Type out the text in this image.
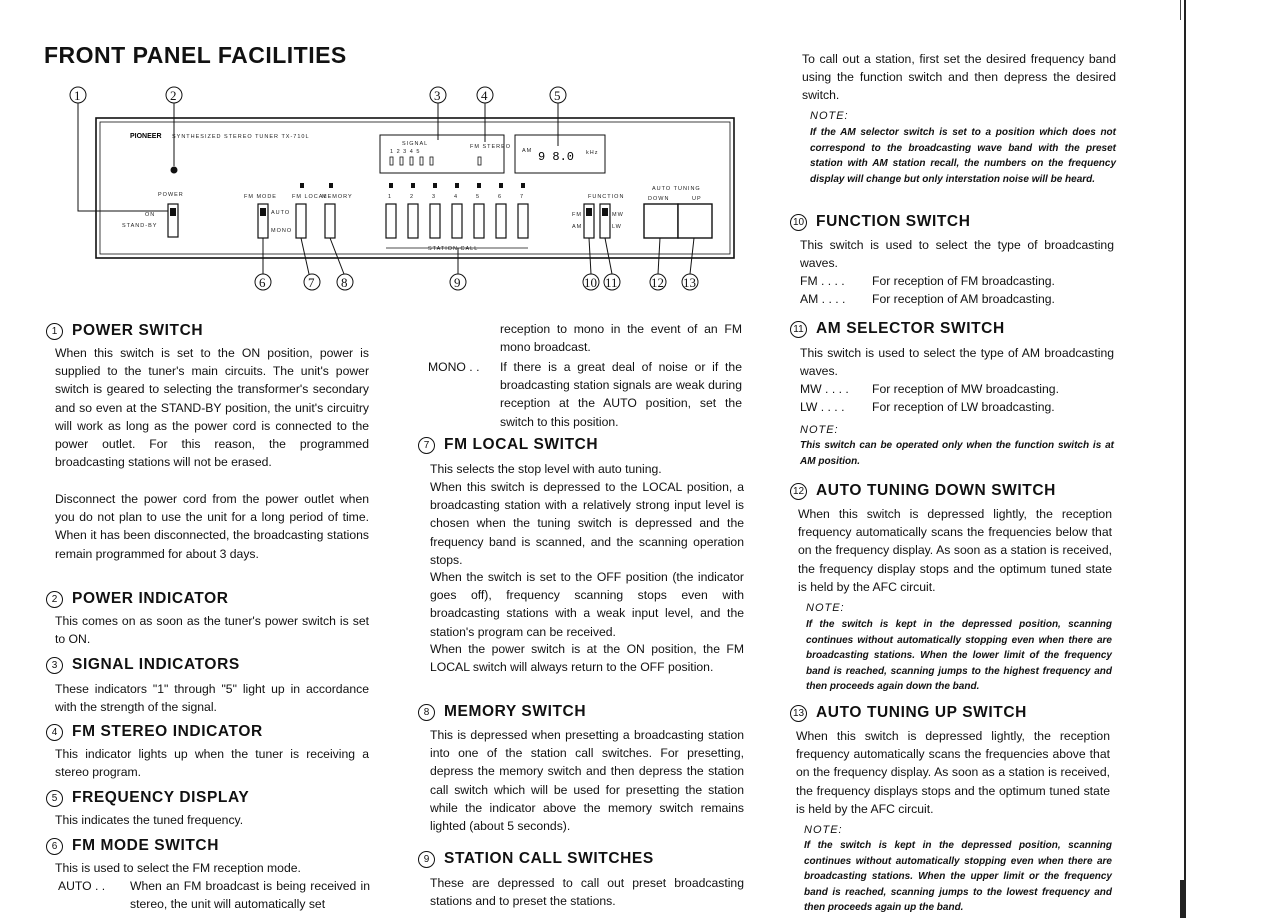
FRONT PANEL FACILITIES
PIONEER SYNTHESIZED STEREO TUNER TX-710L
POWER
ON
STAND-BY
FM MODE
AUTO
MONO
FM LOCAL
MEMORY
SIGNAL
1 2 3 4 5
FM STEREO
AM 9 8.0 kHz
1	2	3	4	5	6	7
STATION CALL
FUNCTION
FM
AM
MW
LW
AUTO TUNING
DOWN	UP
1	2	3	4	5
6	7 8	9	10 11	12 13
1 POWER SWITCH
When this switch is set to the ON position, power is supplied to the tuner's main circuits. The unit's power switch is geared to selecting the transformer's secondary and so even at the STAND-BY position, the unit's circuitry will work as long as the power cord is connected to the power outlet. For this reason, the programmed broadcasting stations will not be erased.
Disconnect the power cord from the power outlet when you do not plan to use the unit for a long period of time. When it has been disconnected, the broadcasting stations remain programmed for about 3 days.
2 POWER INDICATOR
This comes on as soon as the tuner's power switch is set to ON.
3 SIGNAL INDICATORS
These indicators "1" through "5" light up in accordance with the strength of the signal.
4 FM STEREO INDICATOR
This indicator lights up when the tuner is receiving a stereo program.
5 FREQUENCY DISPLAY
This indicates the tuned frequency.
6 FM MODE SWITCH
This is used to select the FM reception mode.
AUTO . . When an FM broadcast is being received in stereo, the unit will automatically set
reception to mono in the event of an FM mono broadcast.
MONO . . If there is a great deal of noise or if the broadcasting station signals are weak during reception at the AUTO position, set the switch to this position.
7 FM LOCAL SWITCH
This selects the stop level with auto tuning.
When this switch is depressed to the LOCAL position, a broadcasting station with a relatively strong input level is chosen when the tuning switch is depressed and the frequency band is scanned, and the scanning operation stops.
When the switch is set to the OFF position (the indicator goes off), frequency scanning stops even with broadcasting stations with a weak input level, and the station's program can be received.
When the power switch is at the ON position, the FM LOCAL switch will always return to the OFF position.
8 MEMORY SWITCH
This is depressed when presetting a broadcasting station into one of the station call switches. For presetting, depress the memory switch and then depress the station call switch which will be used for presetting the station while the indicator above the memory switch remains lighted (about 5 seconds).
9 STATION CALL SWITCHES
These are depressed to call out preset broadcasting stations and to preset the stations.
To call out a station, first set the desired frequency band using the function switch and then depress the desired switch.
NOTE:
If the AM selector switch is set to a position which does not correspond to the broadcasting wave band with the preset station with AM station recall, the numbers on the frequency display will change but only interstation noise will be heard.
10 FUNCTION SWITCH
This switch is used to select the type of broadcasting waves.
FM . . . . For reception of FM broadcasting.
AM . . . . For reception of AM broadcasting.
11 AM SELECTOR SWITCH
This switch is used to select the type of AM broadcasting waves.
MW . . . . For reception of MW broadcasting.
LW . . . . For reception of LW broadcasting.
NOTE:
This switch can be operated only when the function switch is at AM position.
12 AUTO TUNING DOWN SWITCH
When this switch is depressed lightly, the reception frequency automatically scans the frequencies below that on the frequency display. As soon as a station is received, the frequency display stops and the optimum tuned state is held by the AFC circuit.
NOTE:
If the switch is kept in the depressed position, scanning continues without automatically stopping even when there are broadcasting stations. When the lower limit of the frequency band is reached, scanning jumps to the highest frequency and then proceeds again down the band.
13 AUTO TUNING UP SWITCH
When this switch is depressed lightly, the reception frequency automatically scans the frequencies above that on the frequency display. As soon as a station is received, the frequency displays stops and the optimum tuned state is held by the AFC circuit.
NOTE:
If the switch is kept in the depressed position, scanning continues without automatically stopping even when there are broadcasting stations. When the upper limit or the frequency band is reached, scanning jumps to the lowest frequency and then proceeds again up the band.
